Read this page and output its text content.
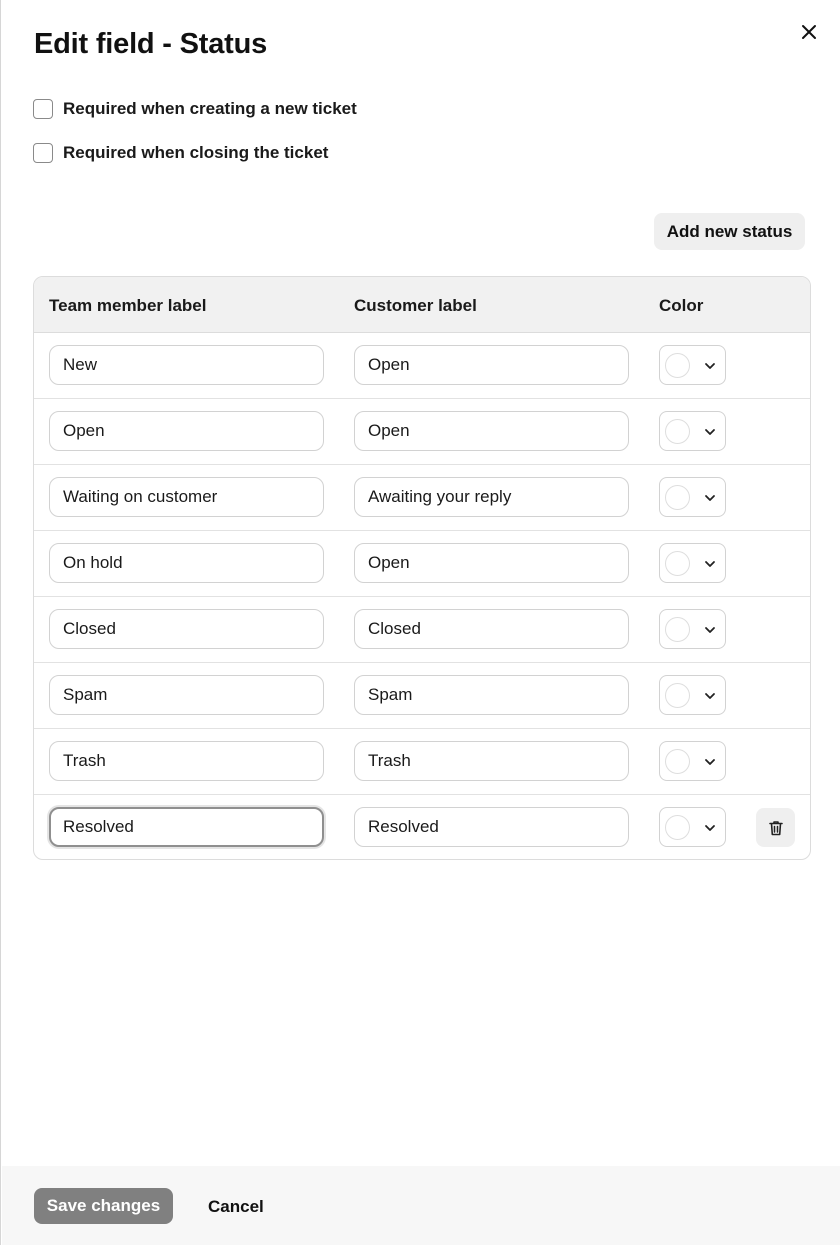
Edit field - Status
Required when creating a new ticket
Required when closing the ticket
Add new status
Team member label	Customer label	Color
New	Open
Open	Open
Waiting on customer	Awaiting your reply
On hold	Open
Closed	Closed
Spam	Spam
Trash	Trash
Resolved	Resolved
Save changes	Cancel
